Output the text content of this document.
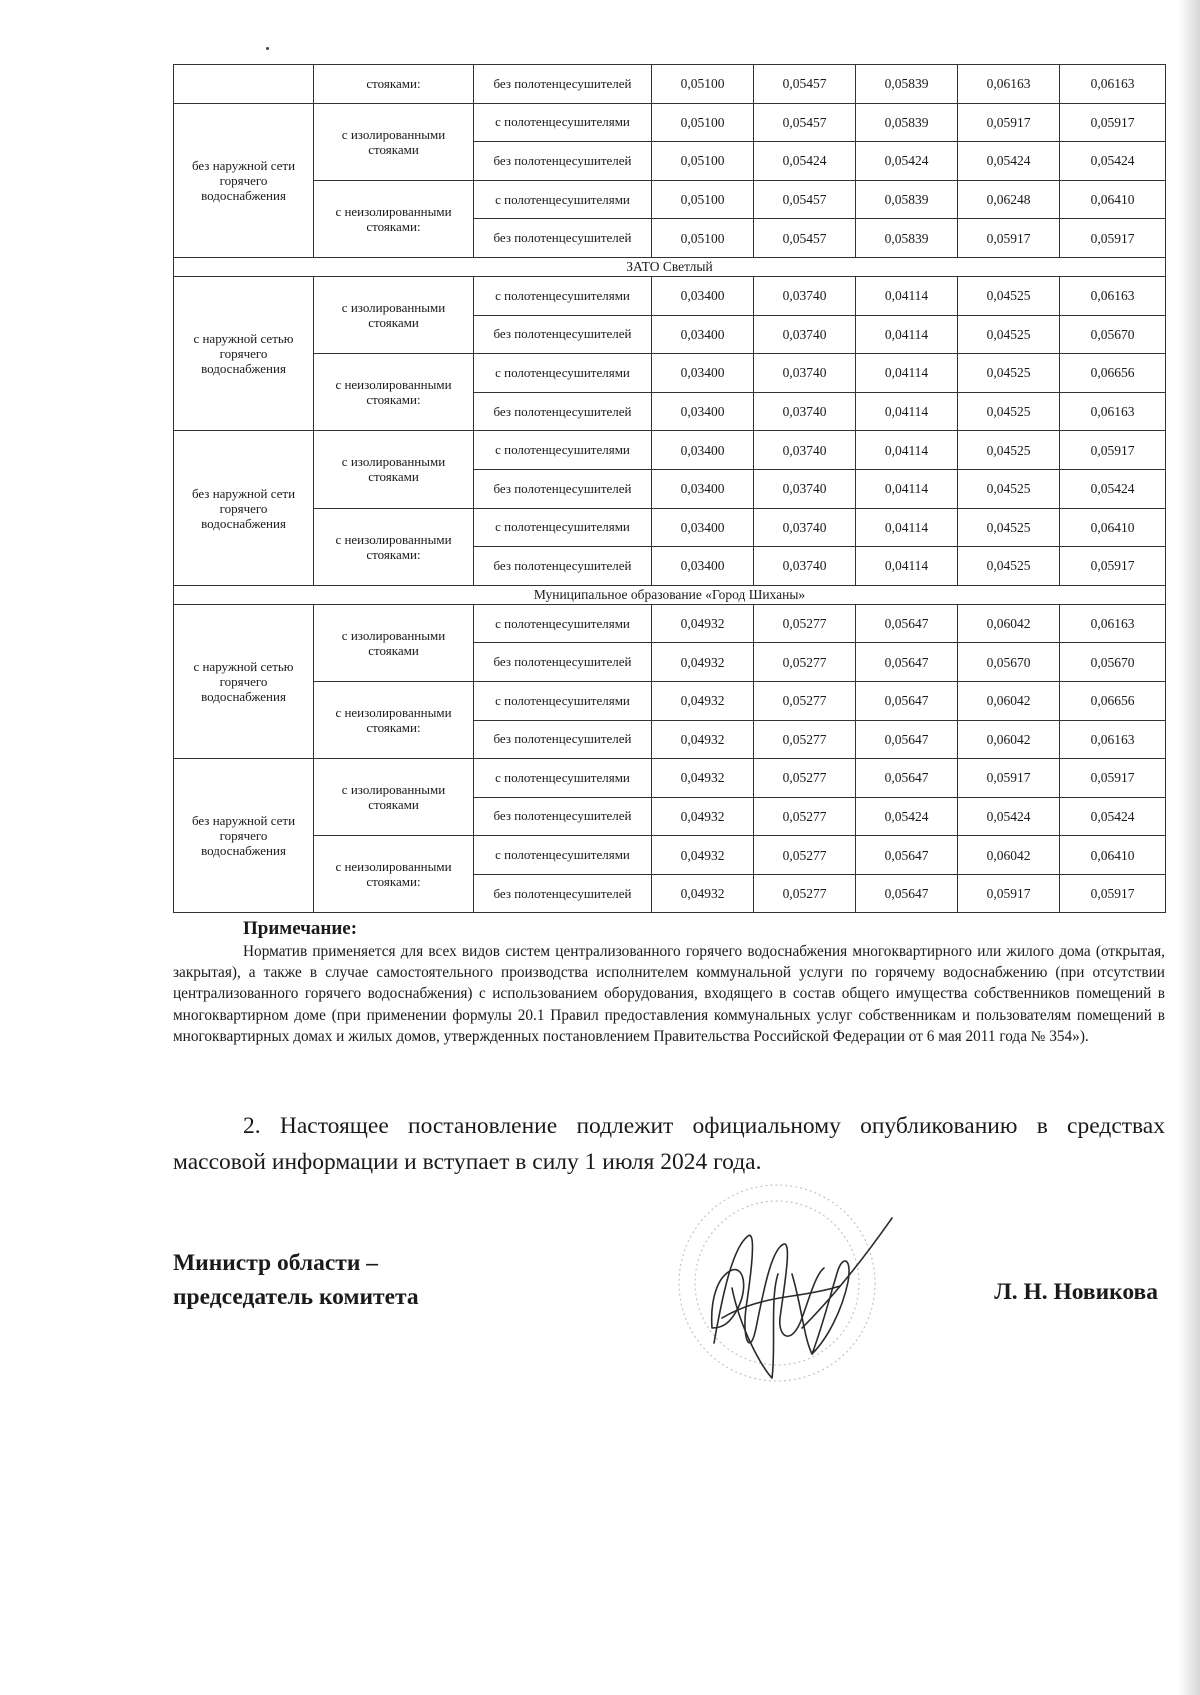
	стояками:	без полотенцесушителей	0,05100	0,05457	0,05839	0,06163	0,06163
без наружной сети горячего водоснабжения	с изолированными стояками	с полотенцесушителями	0,05100	0,05457	0,05839	0,05917	0,05917
		без полотенцесушителей	0,05100	0,05424	0,05424	0,05424	0,05424
	с неизолированными стояками:	с полотенцесушителями	0,05100	0,05457	0,05839	0,06248	0,06410
		без полотенцесушителей	0,05100	0,05457	0,05839	0,05917	0,05917
ЗАТО Светлый							
с наружной сетью горячего водоснабжения	с изолированными стояками	с полотенцесушителями	0,03400	0,03740	0,04114	0,04525	0,06163
		без полотенцесушителей	0,03400	0,03740	0,04114	0,04525	0,05670
	с неизолированными стояками:	с полотенцесушителями	0,03400	0,03740	0,04114	0,04525	0,06656
		без полотенцесушителей	0,03400	0,03740	0,04114	0,04525	0,06163
без наружной сети горячего водоснабжения	с изолированными стояками	с полотенцесушителями	0,03400	0,03740	0,04114	0,04525	0,05917
		без полотенцесушителей	0,03400	0,03740	0,04114	0,04525	0,05424
	с неизолированными стояками:	с полотенцесушителями	0,03400	0,03740	0,04114	0,04525	0,06410
		без полотенцесушителей	0,03400	0,03740	0,04114	0,04525	0,05917
Муниципальное образование «Город Шиханы»							
с наружной сетью горячего водоснабжения	с изолированными стояками	с полотенцесушителями	0,04932	0,05277	0,05647	0,06042	0,06163
		без полотенцесушителей	0,04932	0,05277	0,05647	0,05670	0,05670
	с неизолированными стояками:	с полотенцесушителями	0,04932	0,05277	0,05647	0,06042	0,06656
		без полотенцесушителей	0,04932	0,05277	0,05647	0,06042	0,06163
без наружной сети горячего водоснабжения	с изолированными стояками	с полотенцесушителями	0,04932	0,05277	0,05647	0,05917	0,05917
		без полотенцесушителей	0,04932	0,05277	0,05424	0,05424	0,05424
	с неизолированными стояками:	с полотенцесушителями	0,04932	0,05277	0,05647	0,06042	0,06410
		без полотенцесушителей	0,04932	0,05277	0,05647	0,05917	0,05917
Примечание:
Норматив применяется для всех видов систем централизованного горячего водоснабжения многоквартирного или жилого дома (открытая, закрытая), а также в случае самостоятельного производства исполнителем коммунальной услуги по горячему водоснабжению (при отсутствии централизованного горячего водоснабжения) с использованием оборудования, входящего в состав общего имущества собственников помещений в многоквартирном доме (при применении формулы 20.1 Правил предоставления коммунальных услуг собственникам и пользователям помещений в многоквартирных домах и жилых домов, утвержденных постановлением Правительства Российской Федерации от 6 мая 2011 года № 354»).
2. Настоящее постановление подлежит официальному опубликованию в средствах массовой информации и вступает в силу 1 июля 2024 года.
Министр области –
председатель комитета	Л. Н. Новикова
